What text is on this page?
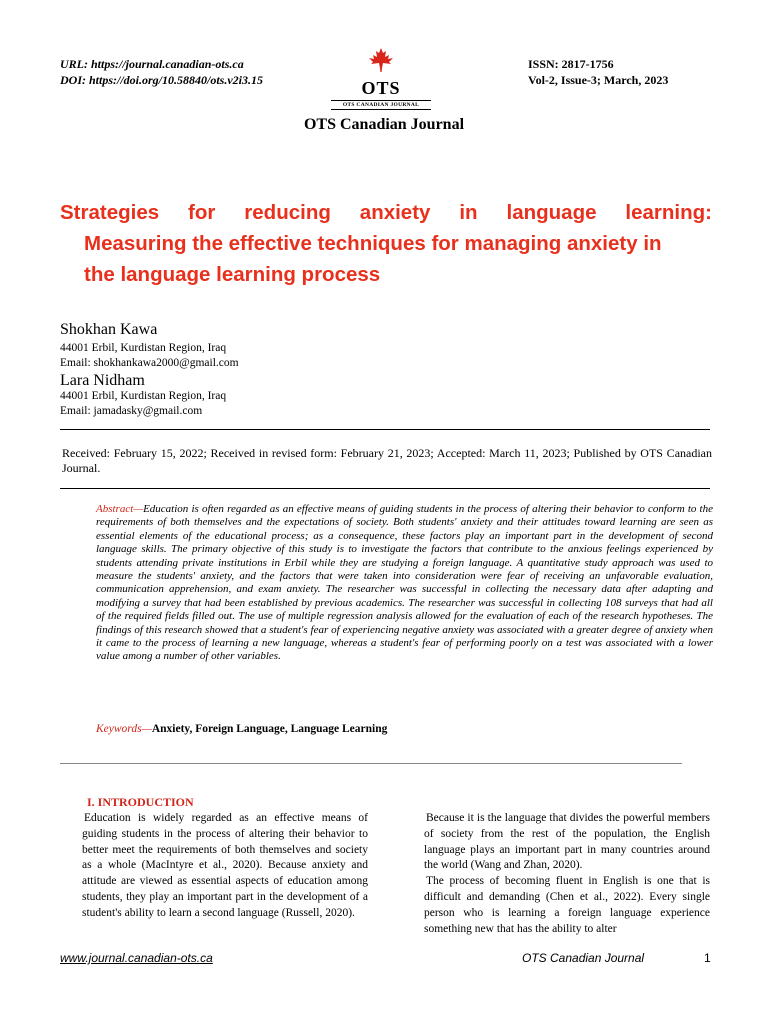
URL: https://journal.canadian-ots.ca
DOI: https://doi.org/10.58840/ots.v2i3.15	OTS
OTS CANADIAN JOURNAL
ISSN: 2817-1756
Vol-2, Issue-3; March, 2023
OTS Canadian Journal
Strategies for reducing anxiety in language learning:
Measuring the effective techniques for managing anxiety in
the language learning process
Shokhan Kawa
44001 Erbil, Kurdistan Region, Iraq
Email: shokhankawa2000@gmail.com
Lara Nidham
44001 Erbil, Kurdistan Region, Iraq
Email: jamadasky@gmail.com
Received: February 15, 2022; Received in revised form: February 21, 2023; Accepted: March 11, 2023; Published by OTS Canadian Journal.
Abstract—Education is often regarded as an effective means of guiding students in the process of altering their behavior to conform to the requirements of both themselves and the expectations of society. Both students' anxiety and their attitudes toward learning are seen as essential elements of the educational process; as a consequence, these factors play an important part in the development of second language skills. The primary objective of this study is to investigate the factors that contribute to the anxious feelings experienced by students attending private institutions in Erbil while they are studying a foreign language. A quantitative study approach was used to measure the students' anxiety, and the factors that were taken into consideration were fear of receiving an unfavorable evaluation, communication apprehension, and exam anxiety. The researcher was successful in collecting the necessary data after adapting and modifying a survey that had been established by previous academics. The researcher was successful in collecting 108 surveys that had all of the required fields filled out. The use of multiple regression analysis allowed for the evaluation of each of the research hypotheses. The findings of this research showed that a student's fear of experiencing negative anxiety was associated with a greater degree of anxiety when it came to the process of learning a new language, whereas a student's fear of performing poorly on a test was associated with a lower value among a number of other variables.
Keywords—Anxiety, Foreign Language, Language Learning
I. INTRODUCTION

Education is widely regarded as an effective means of guiding students in the process of altering their behavior to better meet the requirements of both themselves and society as a whole (MacIntyre et al., 2020). Because anxiety and attitude are viewed as essential aspects of education among students, they play an important part in the development of a student's ability to learn a second language (Russell, 2020).

Because it is the language that divides the powerful members of society from the rest of the population, the English language plays an important part in many countries around the world (Wang and Zhan, 2020).

The process of becoming fluent in English is one that is difficult and demanding (Chen et al., 2022). Every single person who is learning a foreign language experience something new that has the ability to alter

www.journal.canadian-ots.ca	OTS Canadian Journal	1
